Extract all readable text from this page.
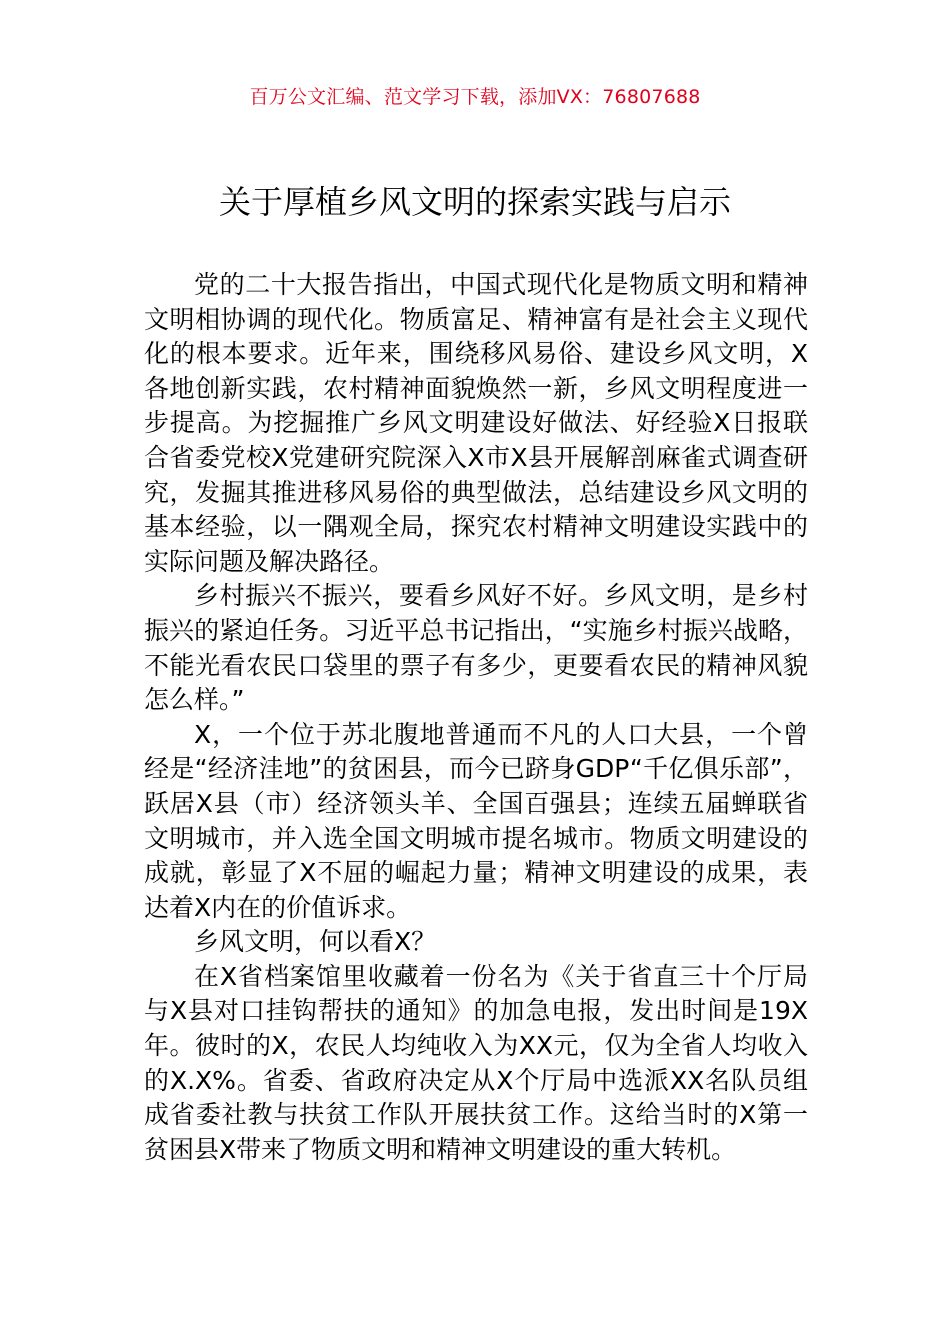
百万公文汇编、范文学习下载，添加VX：76807688
关于厚植乡风文明的探索实践与启示

党的二十大报告指出，中国式现代化是物质文明和精神文明相协调的现代化。物质富足、精神富有是社会主义现代化的根本要求。近年来，围绕移风易俗、建设乡风文明，X各地创新实践，农村精神面貌焕然一新，乡风文明程度进一步提高。为挖掘推广乡风文明建设好做法、好经验X日报联合省委党校X党建研究院深入X市X县开展解剖麻雀式调查研究，发掘其推进移风易俗的典型做法，总结建设乡风文明的基本经验，以一隅观全局，探究农村精神文明建设实践中的实际问题及解决路径。

乡村振兴不振兴，要看乡风好不好。乡风文明，是乡村振兴的紧迫任务。习近平总书记指出，“实施乡村振兴战略，不能光看农民口袋里的票子有多少，更要看农民的精神风貌怎么样。”

X，一个位于苏北腹地普通而不凡的人口大县，一个曾经是“经济洼地”的贫困县，而今已跻身GDP“千亿俱乐部”，跃居X县（市）经济领头羊、全国百强县；连续五届蝉联省文明城市，并入选全国文明城市提名城市。物质文明建设的成就，彰显了X不屈的崛起力量；精神文明建设的成果，表达着X内在的价值诉求。

乡风文明，何以看X？

在X省档案馆里收藏着一份名为《关于省直三十个厅局与X县对口挂钩帮扶的通知》的加急电报，发出时间是19X年。彼时的X，农民人均纯收入为XX元，仅为全省人均收入的X.X%。省委、省政府决定从X个厅局中选派XX名队员组成省委社教与扶贫工作队开展扶贫工作。这给当时的X第一贫困县X带来了物质文明和精神文明建设的重大转机。
